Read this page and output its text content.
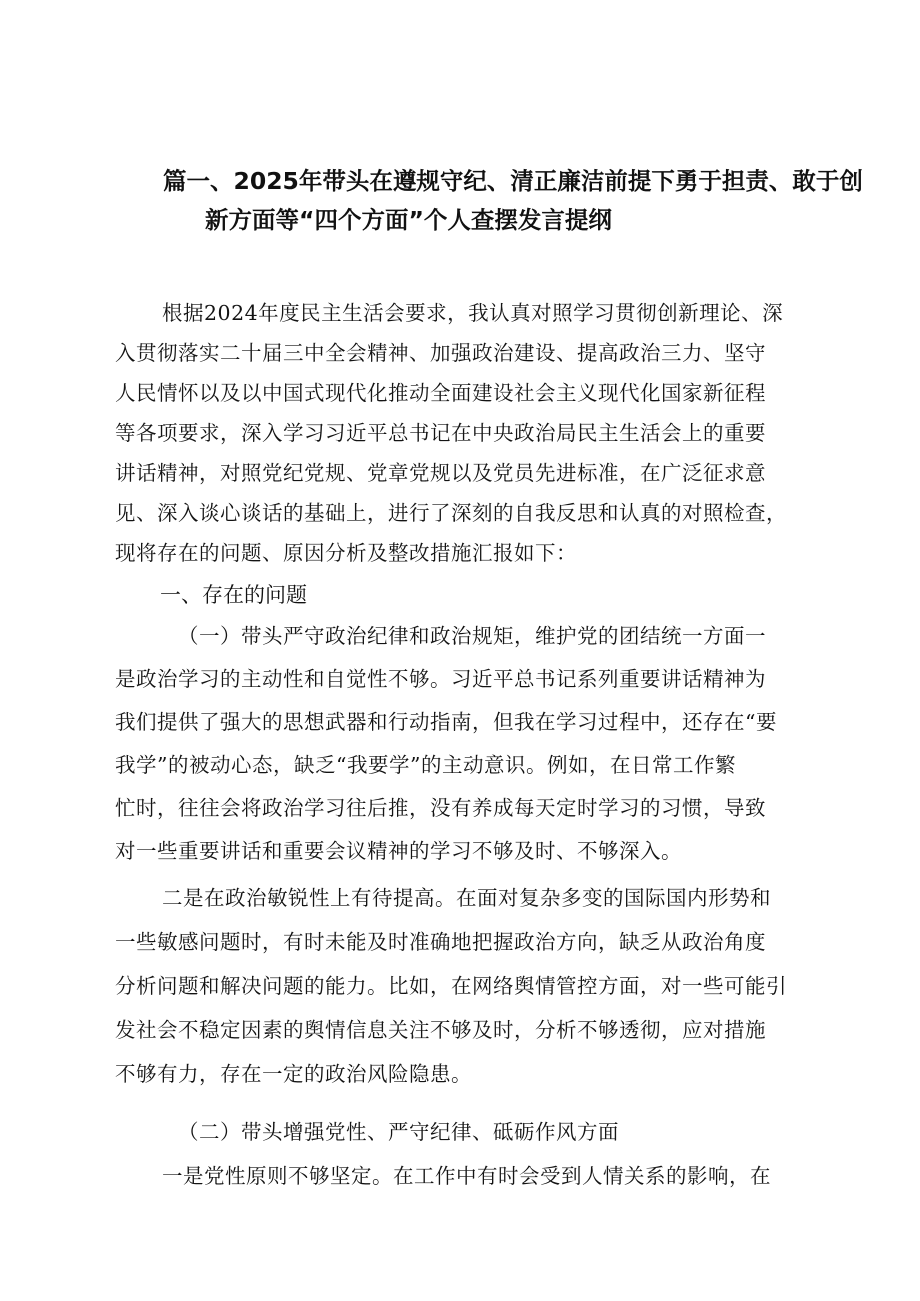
篇一、2025年带头在遵规守纪、清正廉洁前提下勇于担责、敢于创
新方面等“四个方面”个人查摆发言提纲
根据2024年度民主生活会要求，我认真对照学习贯彻创新理论、深
入贯彻落实二十届三中全会精神、加强政治建设、提高政治三力、坚守
人民情怀以及以中国式现代化推动全面建设社会主义现代化国家新征程
等各项要求，深入学习习近平总书记在中央政治局民主生活会上的重要
讲话精神，对照党纪党规、党章党规以及党员先进标准，在广泛征求意
见、深入谈心谈话的基础上，进行了深刻的自我反思和认真的对照检查，
现将存在的问题、原因分析及整改措施汇报如下：
一、存在的问题
（一）带头严守政治纪律和政治规矩，维护党的团结统一方面一
是政治学习的主动性和自觉性不够。习近平总书记系列重要讲话精神为
我们提供了强大的思想武器和行动指南，但我在学习过程中，还存在“要
我学”的被动心态，缺乏“我要学”的主动意识。例如，在日常工作繁
忙时，往往会将政治学习往后推，没有养成每天定时学习的习惯，导致
对一些重要讲话和重要会议精神的学习不够及时、不够深入。
二是在政治敏锐性上有待提高。在面对复杂多变的国际国内形势和
一些敏感问题时，有时未能及时准确地把握政治方向，缺乏从政治角度
分析问题和解决问题的能力。比如，在网络舆情管控方面，对一些可能引
发社会不稳定因素的舆情信息关注不够及时，分析不够透彻，应对措施
不够有力，存在一定的政治风险隐患。
（二）带头增强党性、严守纪律、砥砺作风方面
一是党性原则不够坚定。在工作中有时会受到人情关系的影响，在
